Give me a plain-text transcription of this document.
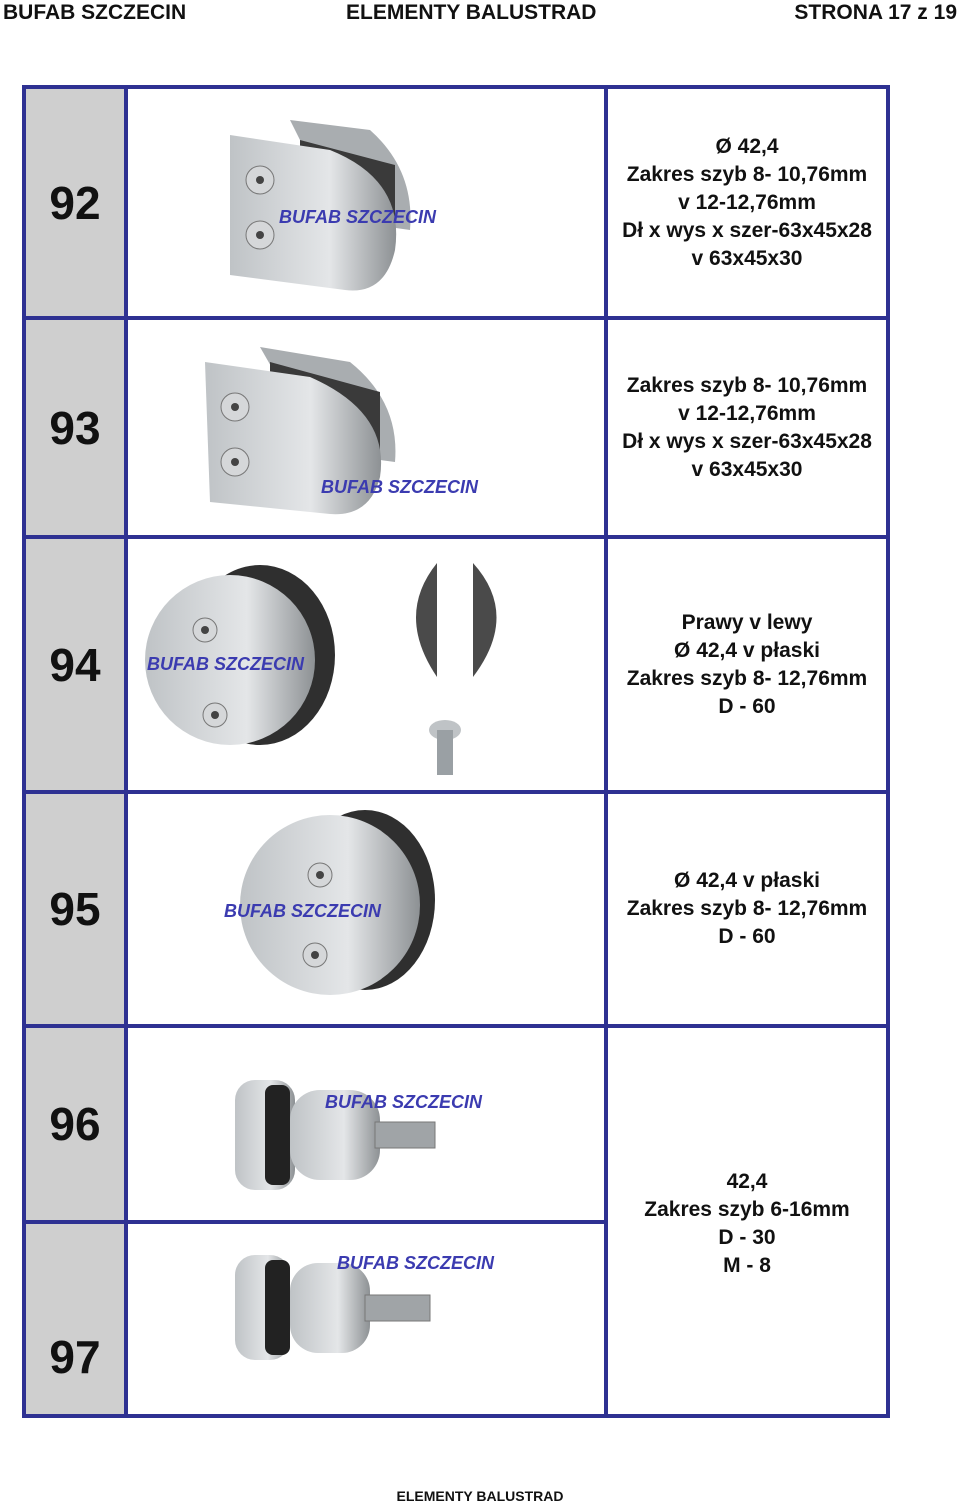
BUFAB SZCZECIN	ELEMENTY BALUSTRAD	STRONA 17 z 19
92
93
94
95
96
97
Ø 42,4
Zakres szyb 8- 10,76mm
v 12-12,76mm
Dł x wys x szer-63x45x28
v 63x45x30
Zakres szyb 8- 10,76mm
v 12-12,76mm
Dł x wys x szer-63x45x28
v 63x45x30
Prawy v lewy
Ø 42,4 v płaski
Zakres szyb 8- 12,76mm
D - 60
Ø 42,4 v płaski
Zakres szyb 8- 12,76mm
D - 60
42,4
Zakres szyb 6-16mm
D - 30
M - 8
BUFAB SZCZECIN
BUFAB SZCZECIN
BUFAB SZCZECIN
BUFAB SZCZECIN
BUFAB SZCZECIN
BUFAB SZCZECIN
ELEMENTY BALUSTRAD
